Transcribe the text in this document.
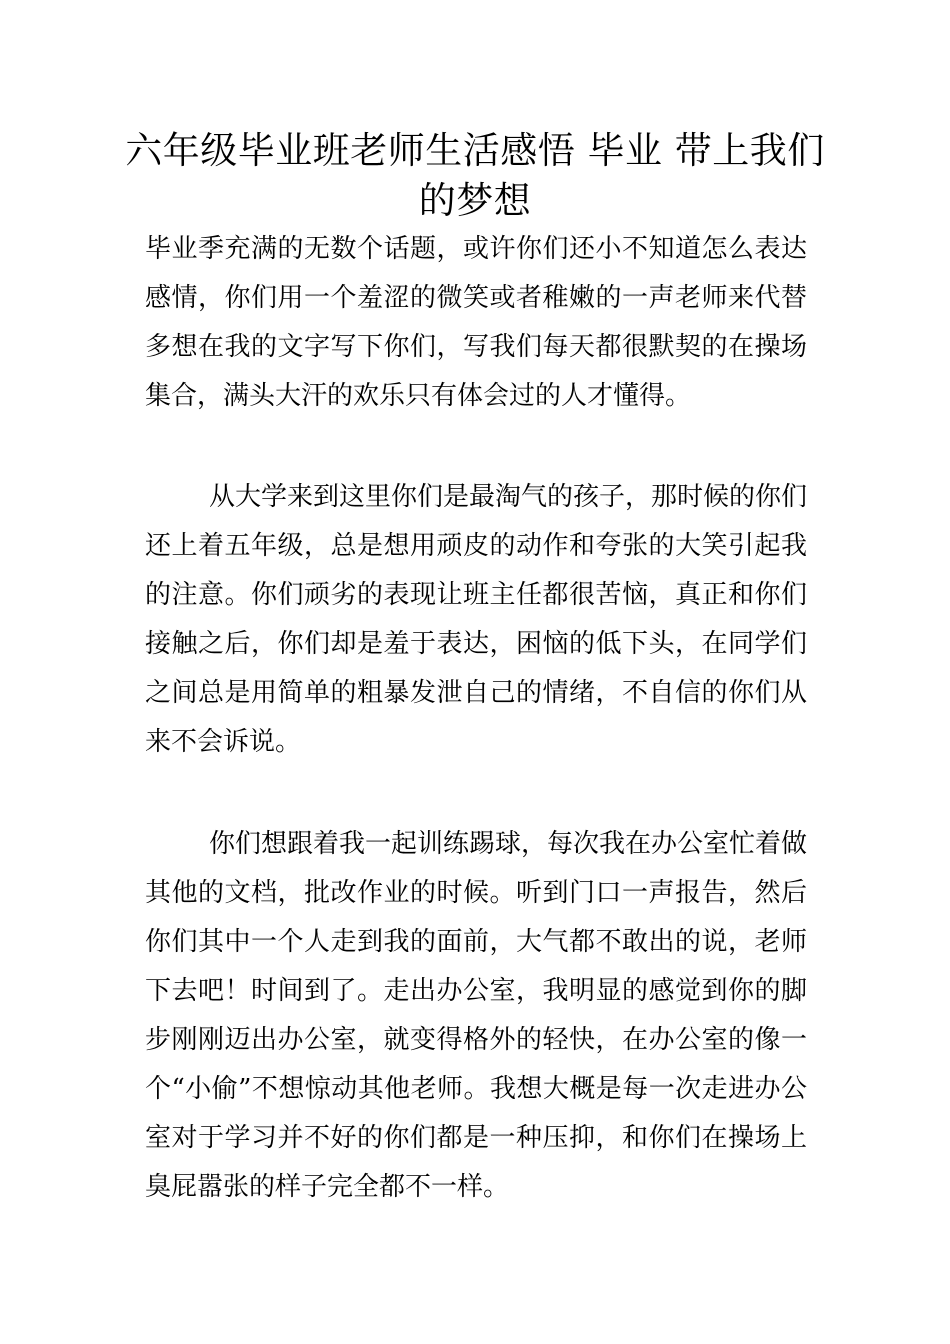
六年级毕业班老师生活感悟 毕业 带上我们的梦想

毕业季充满的无数个话题，或许你们还小不知道怎么表达感情，你们用一个羞涩的微笑或者稚嫩的一声老师来代替多想在我的文字写下你们，写我们每天都很默契的在操场集合，满头大汗的欢乐只有体会过的人才懂得。

从大学来到这里你们是最淘气的孩子，那时候的你们还上着五年级，总是想用顽皮的动作和夸张的大笑引起我的注意。你们顽劣的表现让班主任都很苦恼，真正和你们接触之后，你们却是羞于表达，困恼的低下头，在同学们之间总是用简单的粗暴发泄自己的情绪，不自信的你们从来不会诉说。

你们想跟着我一起训练踢球，每次我在办公室忙着做其他的文档，批改作业的时候。听到门口一声报告，然后你们其中一个人走到我的面前，大气都不敢出的说，老师下去吧！时间到了。走出办公室，我明显的感觉到你的脚步刚刚迈出办公室，就变得格外的轻快，在办公室的像一个“小偷”不想惊动其他老师。我想大概是每一次走进办公室对于学习并不好的你们都是一种压抑，和你们在操场上臭屁嚣张的样子完全都不一样。
